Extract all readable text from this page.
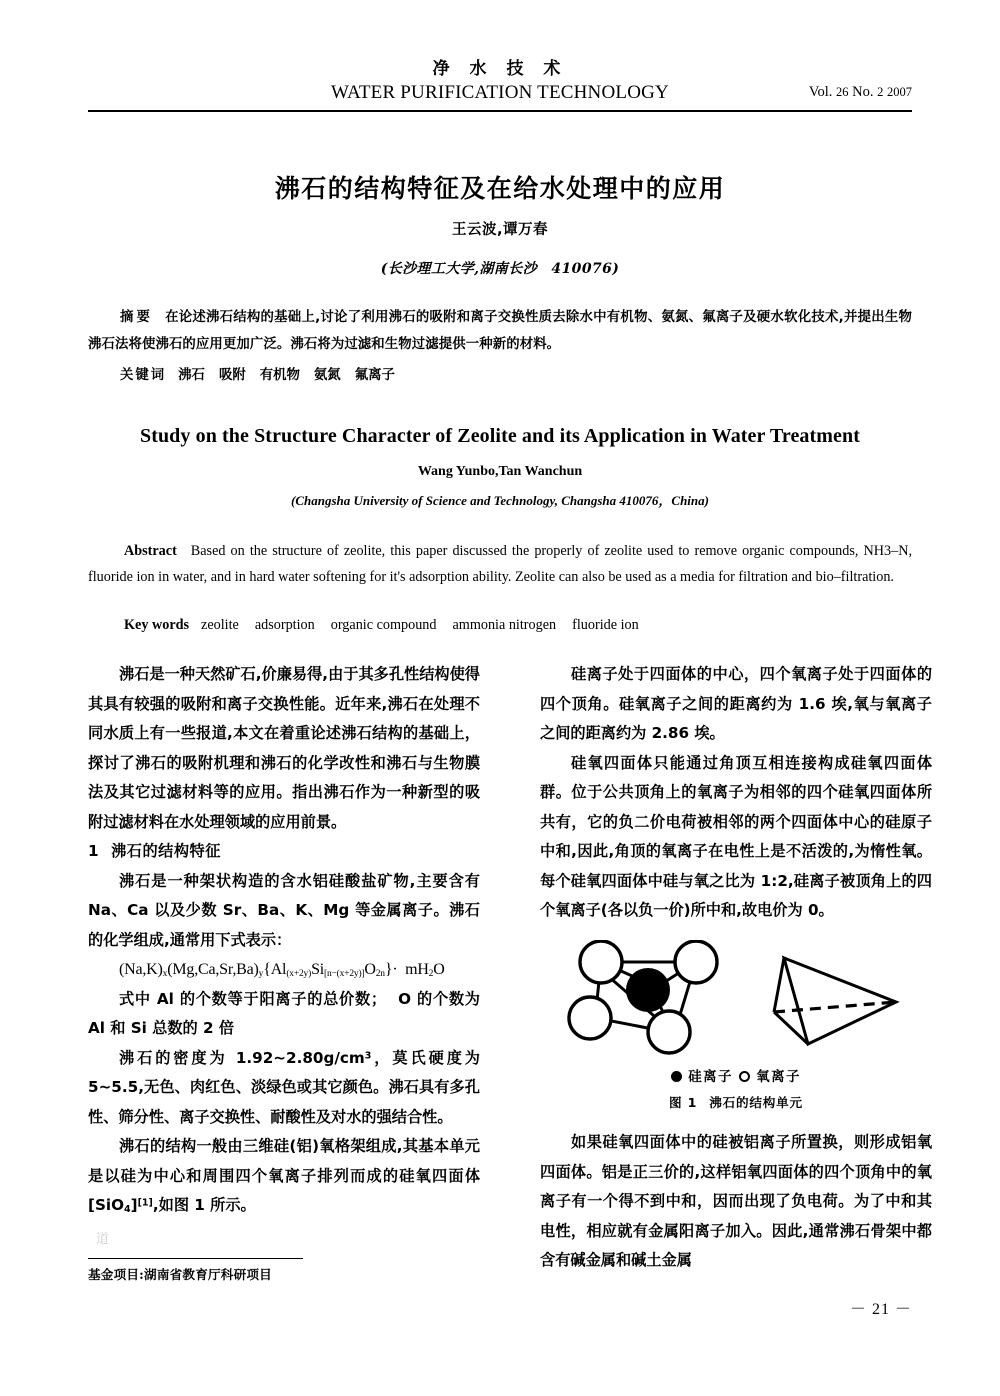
净 水 技 术
WATER PURIFICATION TECHNOLOGY	Vol. 26 No. 2 2007
沸石的结构特征及在给水处理中的应用
王云波,谭万春
(长沙理工大学,湖南长沙　410076)
摘要 在论述沸石结构的基础上,讨论了利用沸石的吸附和离子交换性质去除水中有机物、氨氮、氟离子及硬水软化技术,并提出生物沸石法将使沸石的应用更加广泛。沸石将为过滤和生物过滤提供一种新的材料。
关键词 沸石 吸附 有机物 氨氮 氟离子
Study on the Structure Character of Zeolite and its Application in Water Treatment
Wang Yunbo,Tan Wanchun
(Changsha University of Science and Technology, Changsha 410076，China)
Abstract Based on the structure of zeolite, this paper discussed the properly of zeolite used to remove organic compounds, NH3–N, fluoride ion in water, and in hard water softening for it's adsorption ability. Zeolite can also be used as a media for filtration and bio–filtration.
Key words zeolite adsorption organic compound ammonia nitrogen fluoride ion

沸石是一种天然矿石,价廉易得,由于其多孔性结构使得其具有较强的吸附和离子交换性能。近年来,沸石在处理不同水质上有一些报道,本文在着重论述沸石结构的基础上，探讨了沸石的吸附机理和沸石的化学改性和沸石与生物膜法及其它过滤材料等的应用。指出沸石作为一种新型的吸附过滤材料在水处理领域的应用前景。

1 沸石的结构特征

沸石是一种架状构造的含水铝硅酸盐矿物,主要含有 Na、Ca 以及少数 Sr、Ba、K、Mg 等金属离子。沸石的化学组成,通常用下式表示：

$(Na,K)_x(Mg,Ca,Sr,Ba)_y\{Al_{(x+2y)}Si_{[n-(x+2y)]}O_{2n}\}\cdot mH_2O$

式中 Al 的个数等于阳离子的总价数；  O 的个数为 Al 和 Si 总数的 2 倍

沸石的密度为 $1.92\sim 2.80g/cm^3$，莫氏硬度为 5~5.5,无色、肉红色、淡绿色或其它颜色。沸石具有多孔性、筛分性、离子交换性、耐酸性及对水的强结合性。

沸石的结构一般由三维硅(铝)氧格架组成,其基本单元是以硅为中心和周围四个氧离子排列而成的硅氧四面体[SiO$_4$][1],如图 1 所示。

硅离子处于四面体的中心，四个氧离子处于四面体的四个顶角。硅氧离子之间的距离约为 1.6 埃,氧与氧离子之间的距离约为 2.86 埃。

硅氧四面体只能通过角顶互相连接构成硅氧四面体群。位于公共顶角上的氧离子为相邻的四个硅氧四面体所共有，它的负二价电荷被相邻的两个四面体中心的硅原子中和,因此,角顶的氧离子在电性上是不活泼的,为惰性氧。每个硅氧四面体中硅与氧之比为 1:2,硅离子被顶角上的四个氧离子(各以负一价)所中和,故电价为 0。

硅离子 氧离子
图 1 沸石的结构单元

如果硅氧四面体中的硅被铝离子所置换，则形成铝氧四面体。铝是正三价的,这样铝氧四面体的四个顶角中的氧离子有一个得不到中和，因而出现了负电荷。为了中和其电性，相应就有金属阳离子加入。因此,通常沸石骨架中都含有碱金属和碱土金属

道
基金项目:湖南省教育厅科研项目
－ 21 －
